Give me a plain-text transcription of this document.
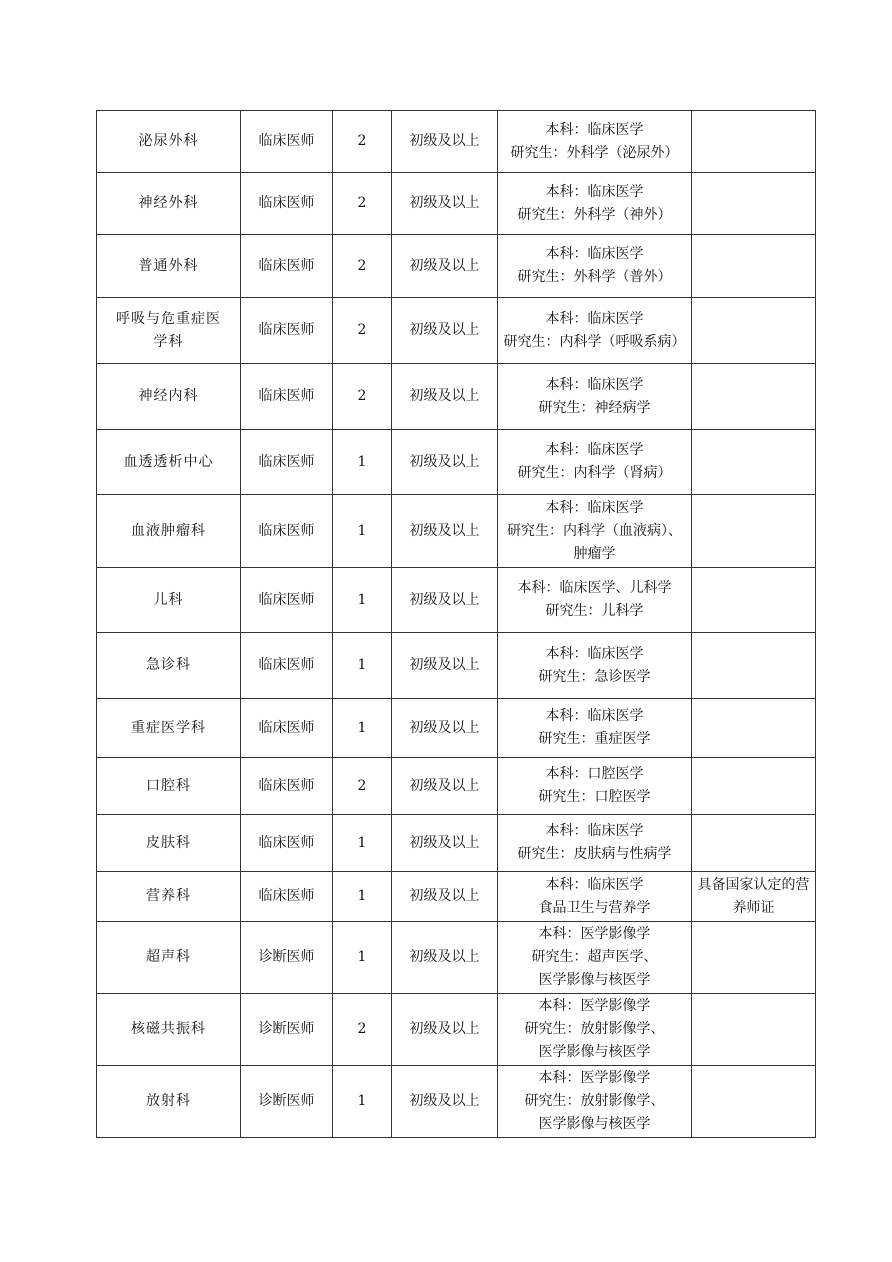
泌尿外科	临床医师	2	初级及以上	本科：临床医学
研究生：外科学（泌尿外）	

神经外科	临床医师	2	初级及以上	本科：临床医学
研究生：外科学（神外）	

普通外科	临床医师	2	初级及以上	本科：临床医学
研究生：外科学（普外）	

呼吸与危重症医
学科	临床医师	2	初级及以上	本科：临床医学
研究生：内科学（呼吸系病）	

神经内科	临床医师	2	初级及以上	本科：临床医学
研究生：神经病学	

血透透析中心	临床医师	1	初级及以上	本科：临床医学
研究生：内科学（肾病）	

血液肿瘤科	临床医师	1	初级及以上	本科：临床医学
研究生：内科学（血液病）、
肿瘤学	

儿科	临床医师	1	初级及以上	本科：临床医学、儿科学
研究生：儿科学	

急诊科	临床医师	1	初级及以上	本科：临床医学
研究生：急诊医学	

重症医学科	临床医师	1	初级及以上	本科：临床医学
研究生：重症医学	

口腔科	临床医师	2	初级及以上	本科：口腔医学
研究生：口腔医学	

皮肤科	临床医师	1	初级及以上	本科：临床医学
研究生：皮肤病与性病学	

营养科	临床医师	1	初级及以上	本科：临床医学
食品卫生与营养学	具备国家认定的营养师证
超声科	诊断医师	1	初级及以上	本科：医学影像学
研究生：超声医学、
医学影像与核医学	

核磁共振科	诊断医师	2	初级及以上	本科：医学影像学
研究生：放射影像学、
医学影像与核医学	

放射科	诊断医师	1	初级及以上	本科：医学影像学
研究生：放射影像学、
医学影像与核医学	
